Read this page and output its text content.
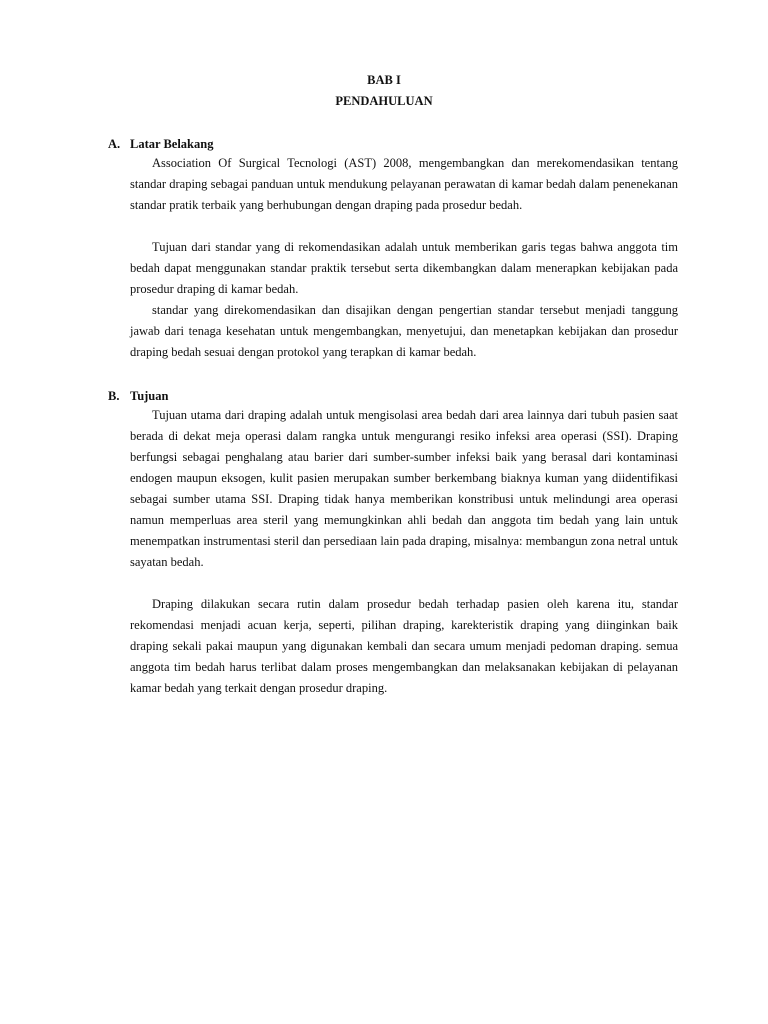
BAB I
PENDAHULUAN
A. Latar Belakang

Association Of Surgical Tecnologi (AST) 2008, mengembangkan dan merekomendasikan tentang standar draping sebagai panduan untuk mendukung pelayanan perawatan di kamar bedah dalam penenekanan standar pratik terbaik yang berhubungan dengan draping pada prosedur bedah.

Tujuan dari standar yang di rekomendasikan adalah untuk memberikan garis tegas bahwa anggota tim bedah dapat menggunakan standar praktik tersebut serta dikembangkan dalam menerapkan kebijakan pada prosedur draping di kamar bedah.

standar yang direkomendasikan dan disajikan dengan pengertian standar tersebut menjadi tanggung jawab dari tenaga kesehatan untuk mengembangkan, menyetujui, dan menetapkan kebijakan dan prosedur draping bedah sesuai dengan protokol yang terapkan di kamar bedah.

B. Tujuan

Tujuan utama dari draping adalah untuk mengisolasi area bedah dari area lainnya dari tubuh pasien saat berada di dekat meja operasi dalam rangka untuk mengurangi resiko infeksi area operasi (SSI). Draping berfungsi sebagai penghalang atau barier dari sumber-sumber infeksi baik yang berasal dari kontaminasi endogen maupun eksogen, kulit pasien merupakan sumber berkembang biaknya kuman yang diidentifikasi sebagai sumber utama SSI. Draping tidak hanya memberikan konstribusi untuk melindungi area operasi namun memperluas area steril yang memungkinkan ahli bedah dan anggota tim bedah yang lain untuk menempatkan instrumentasi steril dan persediaan lain pada draping, misalnya: membangun zona netral untuk sayatan bedah.

Draping dilakukan secara rutin dalam prosedur bedah terhadap pasien oleh karena itu, standar rekomendasi menjadi acuan kerja, seperti, pilihan draping, karekteristik draping yang diinginkan baik draping sekali pakai maupun yang digunakan kembali dan secara umum menjadi pedoman draping. semua anggota tim bedah harus terlibat dalam proses mengembangkan dan melaksanakan kebijakan di pelayanan kamar bedah yang terkait dengan prosedur draping.
